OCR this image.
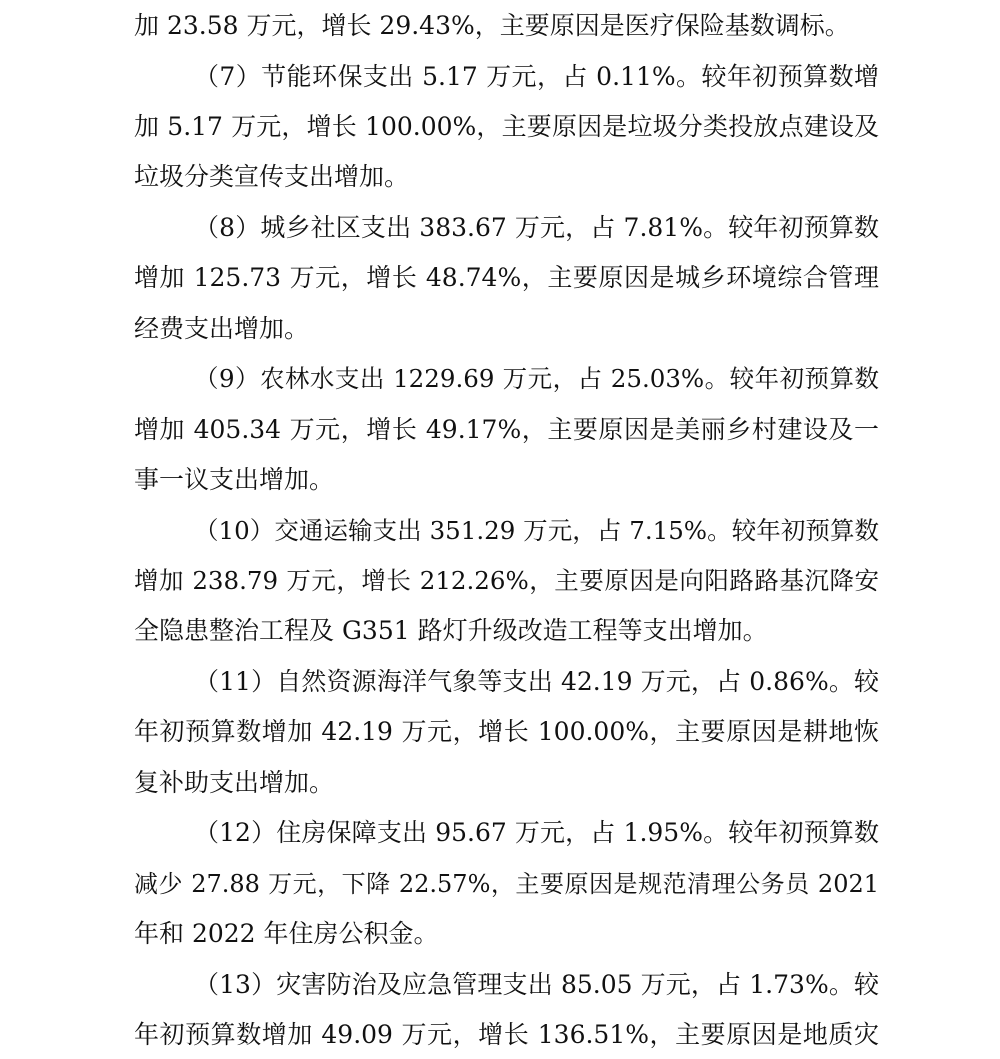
加 23.58 万元，增长 29.43%，主要原因是医疗保险基数调标。
（7）节能环保支出 5.17 万元，占 0.11%。较年初预算数增
加 5.17 万元，增长 100.00%，主要原因是垃圾分类投放点建设及
垃圾分类宣传支出增加。
（8）城乡社区支出 383.67 万元，占 7.81%。较年初预算数
增加 125.73 万元，增长 48.74%，主要原因是城乡环境综合管理
经费支出增加。
（9）农林水支出 1229.69 万元，占 25.03%。较年初预算数
增加 405.34 万元，增长 49.17%，主要原因是美丽乡村建设及一
事一议支出增加。
（10）交通运输支出 351.29 万元，占 7.15%。较年初预算数
增加 238.79 万元，增长 212.26%，主要原因是向阳路路基沉降安
全隐患整治工程及 G351 路灯升级改造工程等支出增加。
（11）自然资源海洋气象等支出 42.19 万元，占 0.86%。较
年初预算数增加 42.19 万元，增长 100.00%，主要原因是耕地恢
复补助支出增加。
（12）住房保障支出 95.67 万元，占 1.95%。较年初预算数
减少 27.88 万元，下降 22.57%，主要原因是规范清理公务员 2021
年和 2022 年住房公积金。
（13）灾害防治及应急管理支出 85.05 万元，占 1.73%。较
年初预算数增加 49.09 万元，增长 136.51%，主要原因是地质灾
